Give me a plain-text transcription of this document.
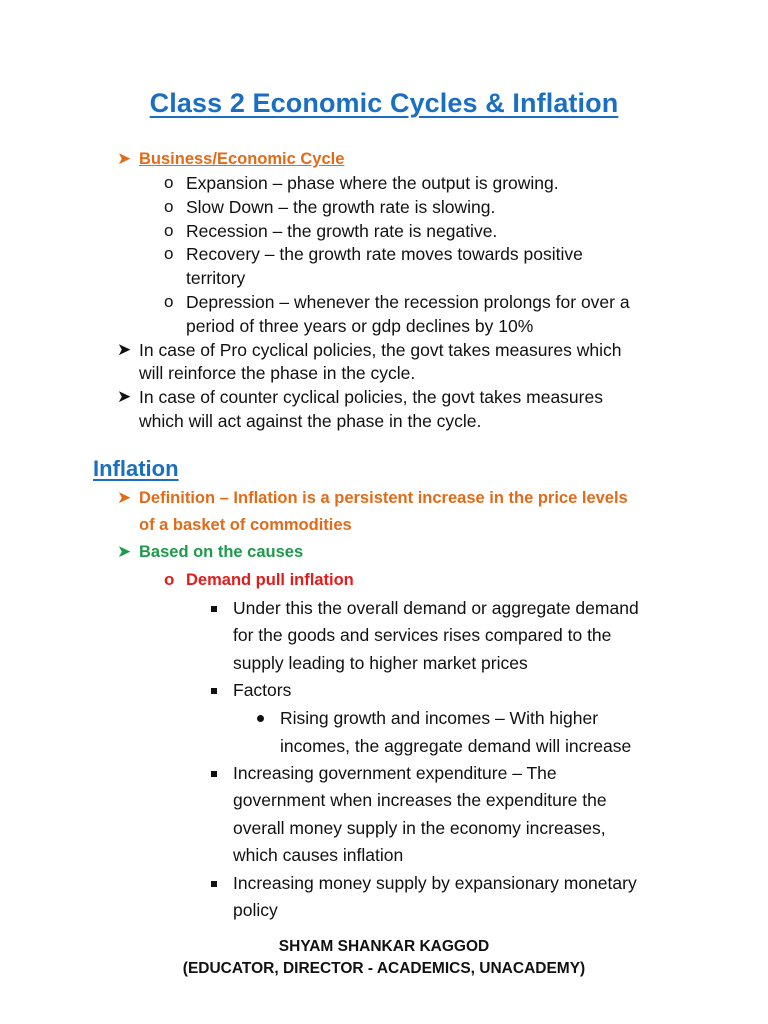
Class 2 Economic Cycles & Inflation
➤ Business/Economic Cycle
o Expansion – phase where the output is growing.
o Slow Down – the growth rate is slowing.
o Recession – the growth rate is negative.
o Recovery – the growth rate moves towards positive
territory
o Depression – whenever the recession prolongs for over a
period of three years or gdp declines by 10%
➤ In case of Pro cyclical policies, the govt takes measures which
will reinforce the phase in the cycle.
➤ In case of counter cyclical policies, the govt takes measures
which will act against the phase in the cycle.
Inflation
➤ Definition – Inflation is a persistent increase in the price levels
of a basket of commodities
➤ Based on the causes
o Demand pull inflation
Under this the overall demand or aggregate demand
for the goods and services rises compared to the
supply leading to higher market prices
Factors
Rising growth and incomes – With higher
incomes, the aggregate demand will increase
Increasing government expenditure – The
government when increases the expenditure the
overall money supply in the economy increases,
which causes inflation
Increasing money supply by expansionary monetary
policy
SHYAM SHANKAR KAGGOD
(EDUCATOR, DIRECTOR - ACADEMICS, UNACADEMY)
